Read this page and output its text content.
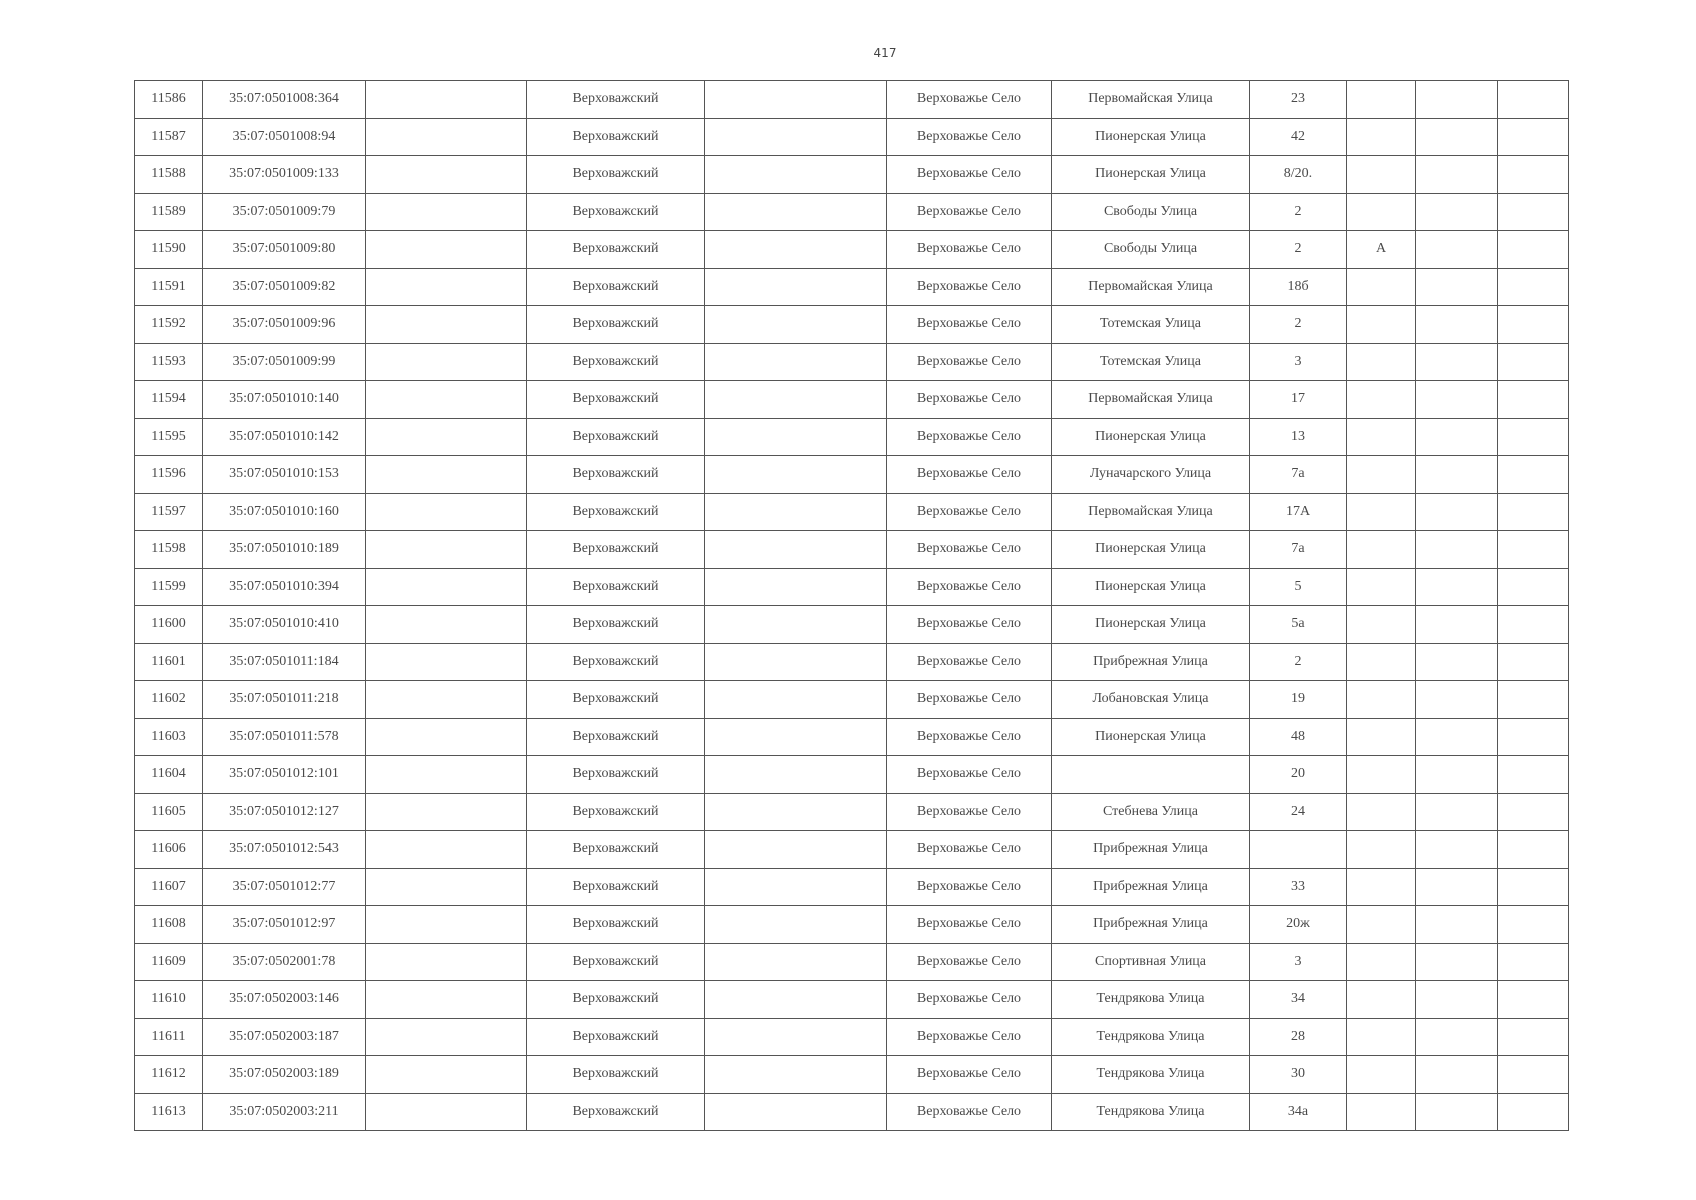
417
11586	35:07:0501008:364		Верховажский		Верховажье Село	Первомайская Улица	23			
11587	35:07:0501008:94		Верховажский		Верховажье Село	Пионерская Улица	42			
11588	35:07:0501009:133		Верховажский		Верховажье Село	Пионерская Улица	8/20.			
11589	35:07:0501009:79		Верховажский		Верховажье Село	Свободы Улица	2			
11590	35:07:0501009:80		Верховажский		Верховажье Село	Свободы Улица	2	А		
11591	35:07:0501009:82		Верховажский		Верховажье Село	Первомайская Улица	18б			
11592	35:07:0501009:96		Верховажский		Верховажье Село	Тотемская Улица	2			
11593	35:07:0501009:99		Верховажский		Верховажье Село	Тотемская Улица	3			
11594	35:07:0501010:140		Верховажский		Верховажье Село	Первомайская Улица	17			
11595	35:07:0501010:142		Верховажский		Верховажье Село	Пионерская Улица	13			
11596	35:07:0501010:153		Верховажский		Верховажье Село	Луначарского Улица	7а			
11597	35:07:0501010:160		Верховажский		Верховажье Село	Первомайская Улица	17А			
11598	35:07:0501010:189		Верховажский		Верховажье Село	Пионерская Улица	7а			
11599	35:07:0501010:394		Верховажский		Верховажье Село	Пионерская Улица	5			
11600	35:07:0501010:410		Верховажский		Верховажье Село	Пионерская Улица	5а			
11601	35:07:0501011:184		Верховажский		Верховажье Село	Прибрежная Улица	2			
11602	35:07:0501011:218		Верховажский		Верховажье Село	Лобановская Улица	19			
11603	35:07:0501011:578		Верховажский		Верховажье Село	Пионерская Улица	48			
11604	35:07:0501012:101		Верховажский		Верховажье Село		20			
11605	35:07:0501012:127		Верховажский		Верховажье Село	Стебнева Улица	24			
11606	35:07:0501012:543		Верховажский		Верховажье Село	Прибрежная Улица				
11607	35:07:0501012:77		Верховажский		Верховажье Село	Прибрежная Улица	33			
11608	35:07:0501012:97		Верховажский		Верховажье Село	Прибрежная Улица	20ж			
11609	35:07:0502001:78		Верховажский		Верховажье Село	Спортивная Улица	3			
11610	35:07:0502003:146		Верховажский		Верховажье Село	Тендрякова Улица	34			
11611	35:07:0502003:187		Верховажский		Верховажье Село	Тендрякова Улица	28			
11612	35:07:0502003:189		Верховажский		Верховажье Село	Тендрякова Улица	30			
11613	35:07:0502003:211		Верховажский		Верховажье Село	Тендрякова Улица	34а			
